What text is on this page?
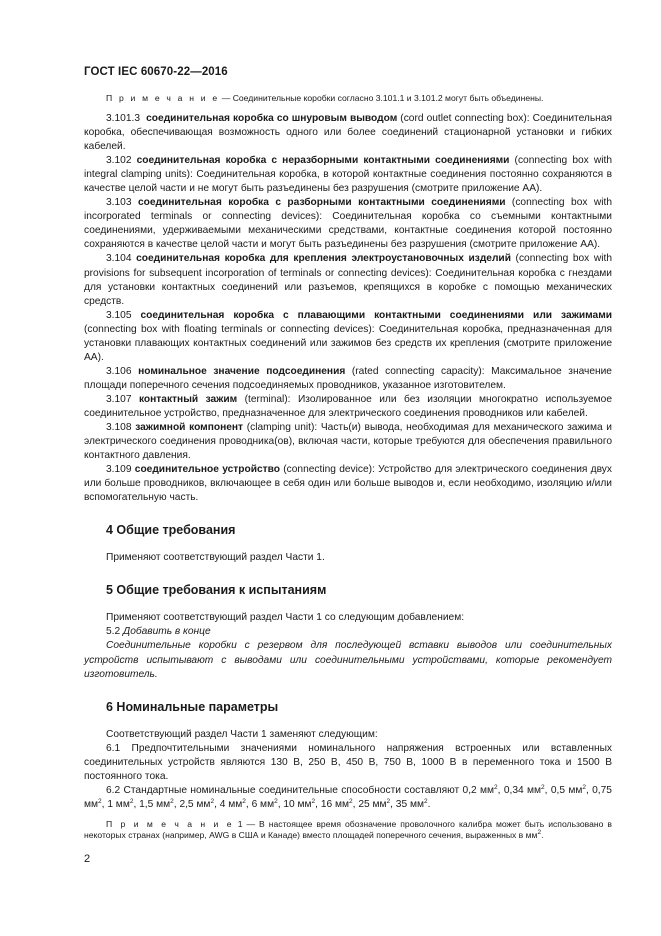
ГОСТ IEC 60670-22—2016

П р и м е ч а н и е — Соединительные коробки согласно 3.101.1 и 3.101.2 могут быть объединены.

3.101.3 соединительная коробка со шнуровым выводом (cord outlet connecting box): Соединительная коробка, обеспечивающая возможность одного или более соединений стационарной установки и гибких кабелей.

3.102 соединительная коробка с неразборными контактными соединениями (connecting box with integral clamping units): Соединительная коробка, в которой контактные соединения постоянно сохраняются в качестве целой части и не могут быть разъединены без разрушения (смотрите приложение АА).

3.103 соединительная коробка с разборными контактными соединениями (connecting box with incorporated terminals or connecting devices): Соединительная коробка со съемными контактными соединениями, удерживаемыми механическими средствами, контактные соединения которой постоянно сохраняются в качестве целой части и могут быть разъединены без разрушения (смотрите приложение АА).

3.104 соединительная коробка для крепления электроустановочных изделий (connecting box with provisions for subsequent incorporation of terminals or connecting devices): Соединительная коробка с гнездами для установки контактных соединений или разъемов, крепящихся в коробке с помощью механических средств.

3.105 соединительная коробка с плавающими контактными соединениями или зажимами (connecting box with floating terminals or connecting devices): Соединительная коробка, предназначенная для установки плавающих контактных соединений или зажимов без средств их крепления (смотрите приложение АА).

3.106 номинальное значение подсоединения (rated connecting capacity): Максимальное значение площади поперечного сечения подсоединяемых проводников, указанное изготовителем.

3.107 контактный зажим (terminal): Изолированное или без изоляции многократно используемое соединительное устройство, предназначенное для электрического соединения проводников или кабелей.

3.108 зажимной компонент (clamping unit): Часть(и) вывода, необходимая для механического зажима и электрического соединения проводника(ов), включая части, которые требуются для обеспечения правильного контактного давления.

3.109 соединительное устройство (connecting device): Устройство для электрического соединения двух или больше проводников, включающее в себя один или больше выводов и, если необходимо, изоляцию и/или вспомогательную часть.

4 Общие требования

Применяют соответствующий раздел Части 1.

5 Общие требования к испытаниям

Применяют соответствующий раздел Части 1 со следующим добавлением:

5.2 Добавить в конце

Соединительные коробки с резервом для последующей вставки выводов или соединительных устройств испытывают с выводами или соединительными устройствами, которые рекомендует изготовитель.

6 Номинальные параметры

Соответствующий раздел Части 1 заменяют следующим:

6.1 Предпочтительными значениями номинального напряжения встроенных или вставленных соединительных устройств являются 130 В, 250 В, 450 В, 750 В, 1000 В в переменного тока и 1500 В постоянного тока.

6.2 Стандартные номинальные соединительные способности составляют 0,2 $мм^2$, 0,34 $мм^2$, 0,5 $мм^2$, 0,75 $мм^2$, 1 $мм^2$, 1,5 $мм^2$, 2,5 $мм^2$, 4 $мм^2$, 6 $мм^2$, 10 $мм^2$, 16 $мм^2$, 25 $мм^2$, 35 $мм^2$.

П р и м е ч а н и е 1 — В настоящее время обозначение проволочного калибра может быть использовано в некоторых странах (например, AWG в США и Канаде) вместо площадей поперечного сечения, выраженных в $мм^2$.

2
